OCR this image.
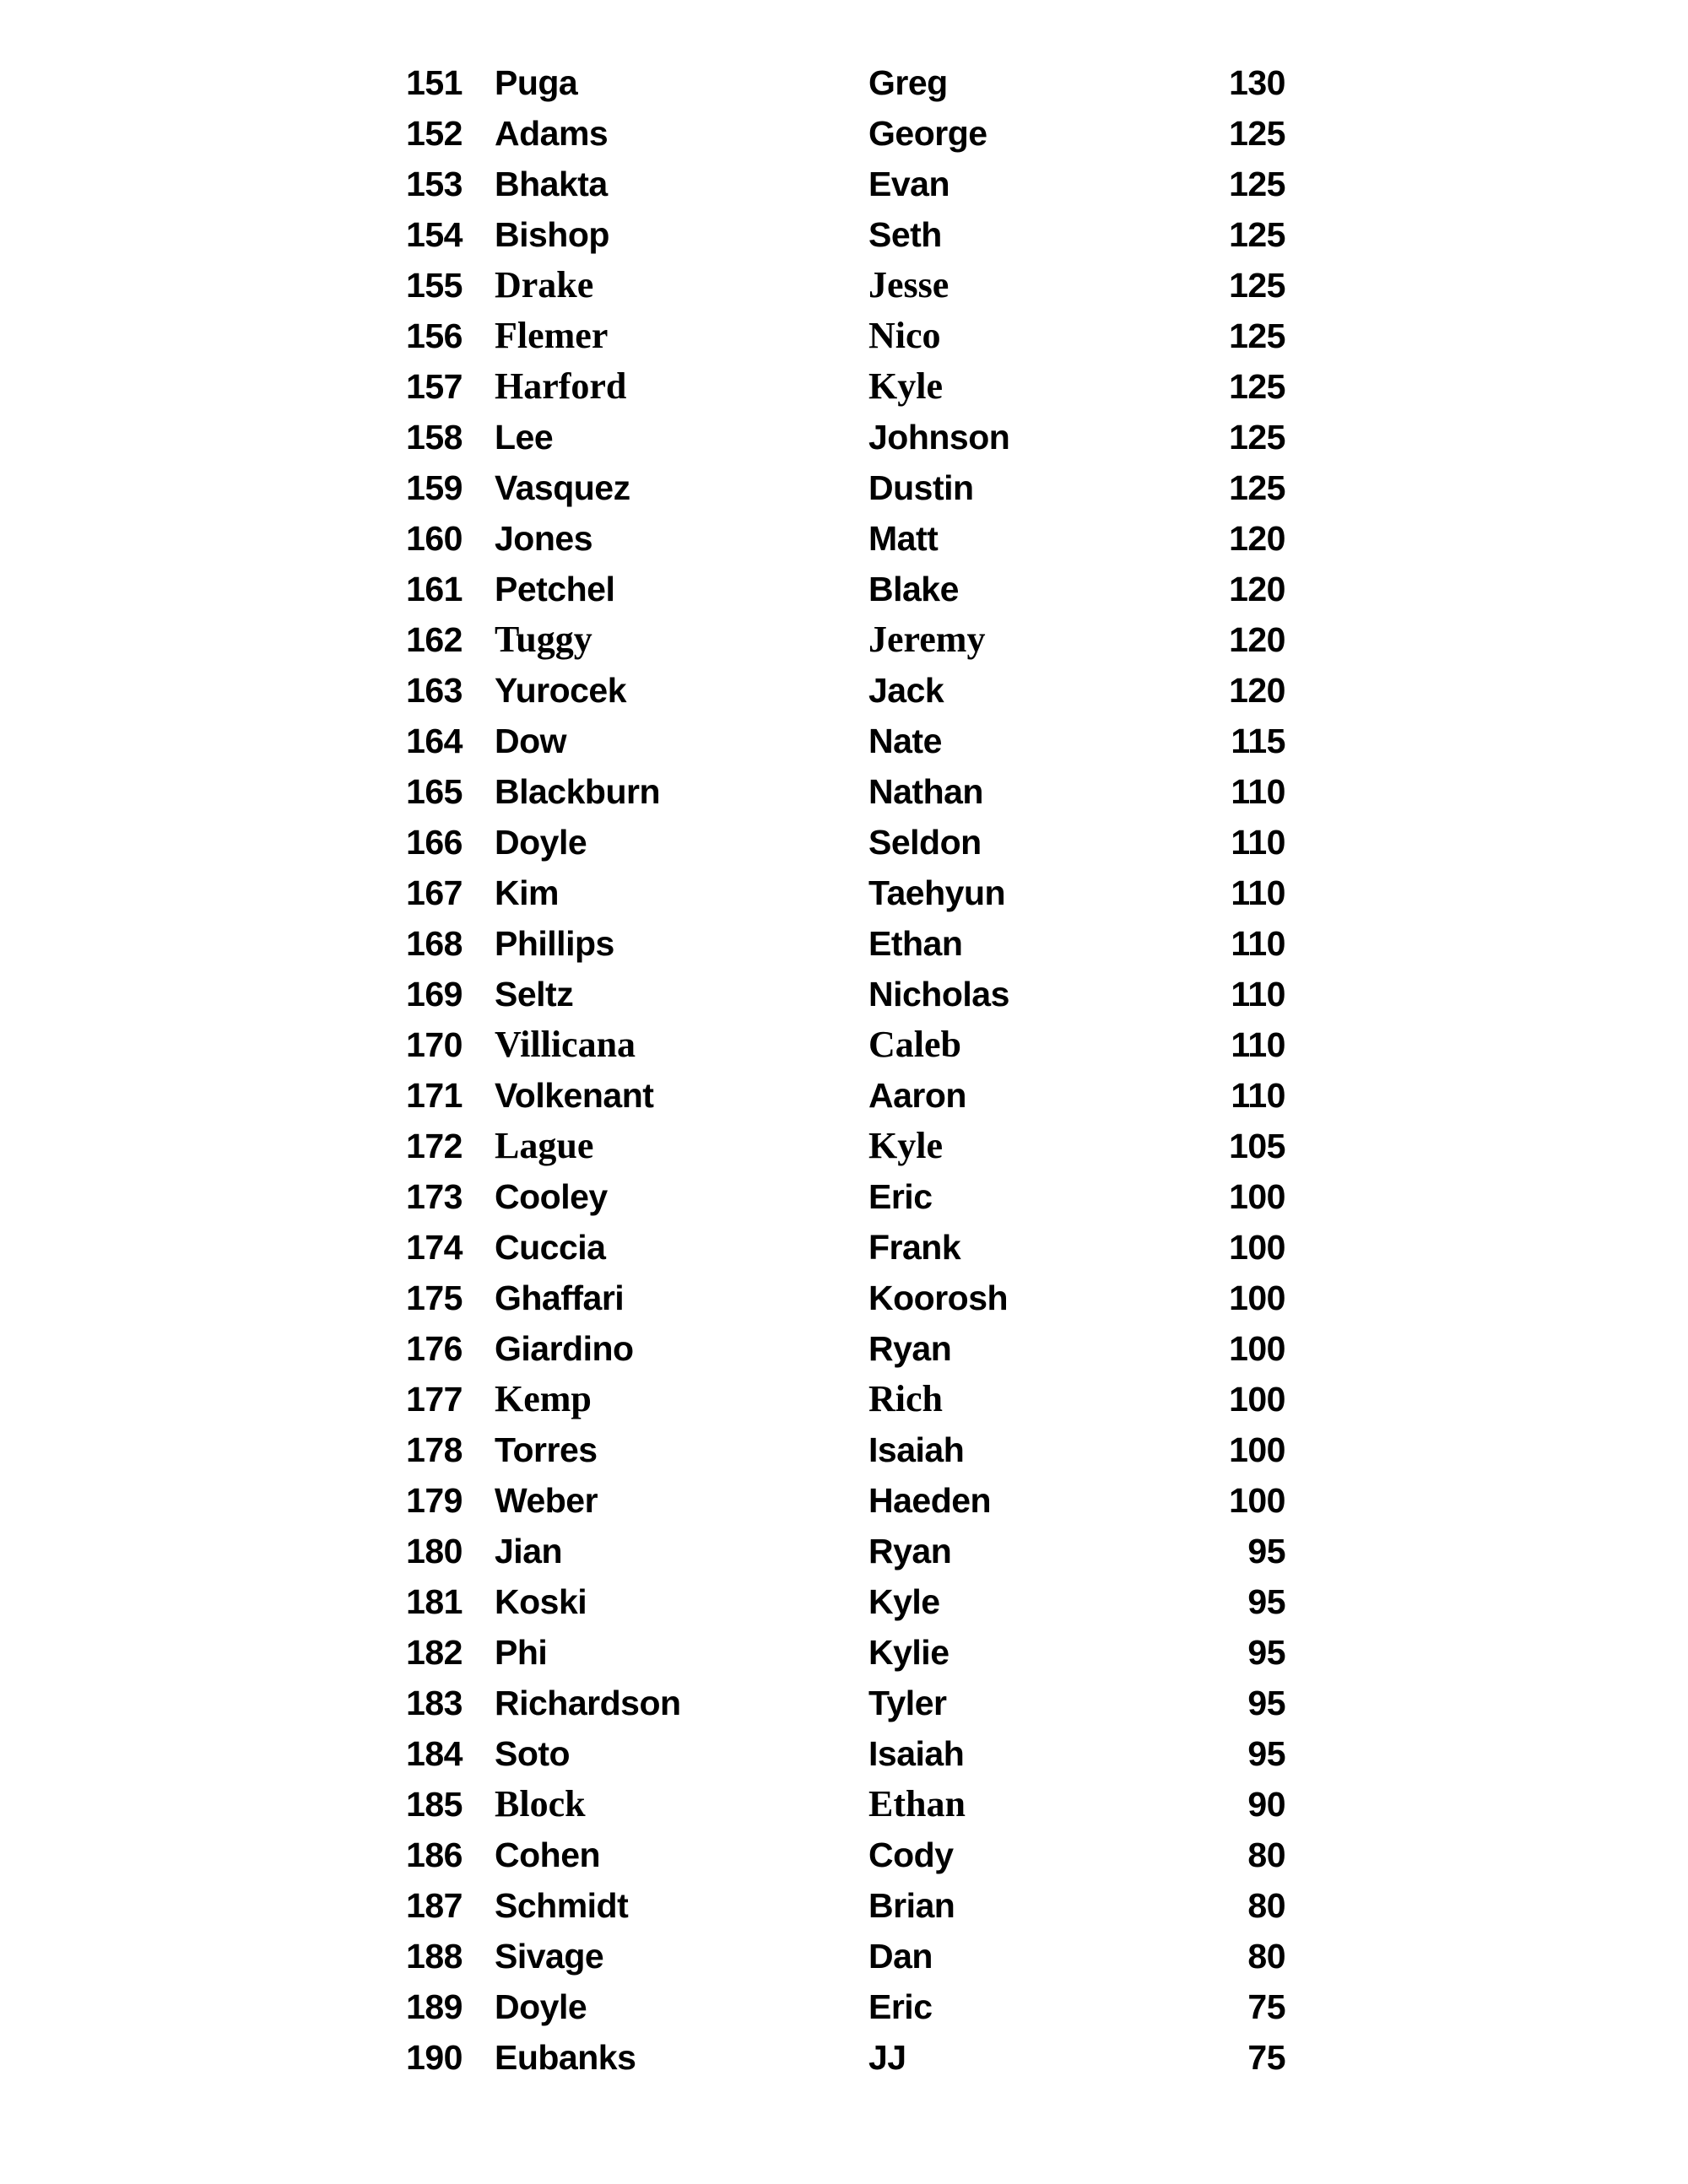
151 Puga	Greg	130
152 Adams	George	125
153 Bhakta	Evan	125
154 Bishop	Seth	125
155 Drake	Jesse	125
156 Flemer	Nico	125
157 Harford	Kyle	125
158 Lee	Johnson	125
159 Vasquez	Dustin	125
160 Jones	Matt	120
161 Petchel	Blake	120
162 Tuggy	Jeremy	120
163 Yurocek	Jack	120
164 Dow	Nate	115
165 Blackburn	Nathan	110
166 Doyle	Seldon	110
167 Kim	Taehyun	110
168 Phillips	Ethan	110
169 Seltz	Nicholas	110
170 Villicana	Caleb	110
171 Volkenant	Aaron	110
172 Lague	Kyle	105
173 Cooley	Eric	100
174 Cuccia	Frank	100
175 Ghaffari	Koorosh	100
176 Giardino	Ryan	100
177 Kemp	Rich	100
178 Torres	Isaiah	100
179 Weber	Haeden	100
180 Jian	Ryan	95
181 Koski	Kyle	95
182 Phi	Kylie	95
183 Richardson	Tyler	95
184 Soto	Isaiah	95
185 Block	Ethan	90
186 Cohen	Cody	80
187 Schmidt	Brian	80
188 Sivage	Dan	80
189 Doyle	Eric	75
190 Eubanks	JJ	75
